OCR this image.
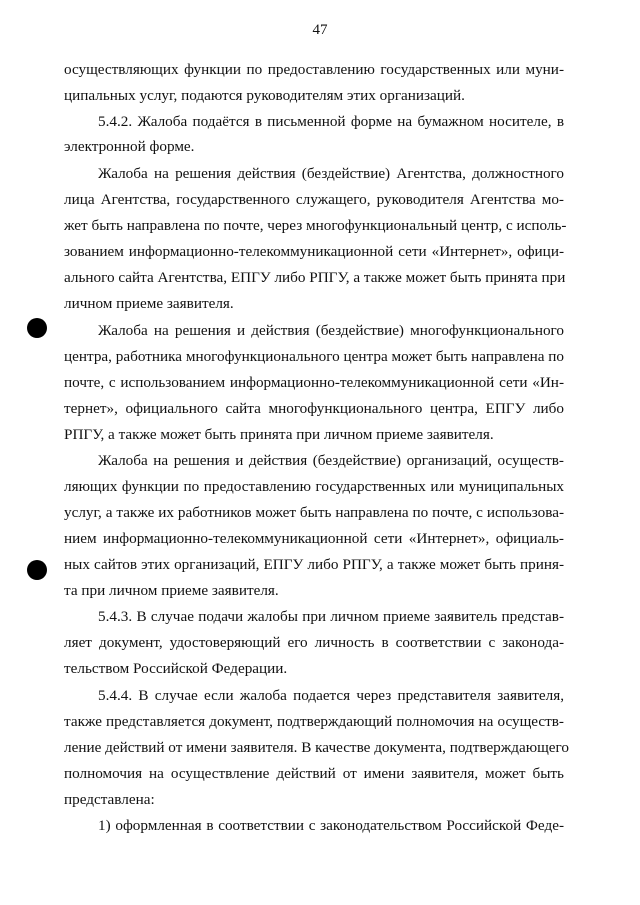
47
осуществляющих функции по предоставлению государственных или муни-
ципальных услуг, подаются руководителям этих организаций.
5.4.2. Жалоба подаётся в письменной форме на бумажном носителе, в
электронной форме.
Жалоба на решения действия (бездействие) Агентства, должностного
лица Агентства, государственного служащего, руководителя Агентства мо-
жет быть направлена по почте, через многофункциональный центр, с исполь-
зованием информационно-телекоммуникационной сети «Интернет», офици-
ального сайта Агентства, ЕПГУ либо РПГУ, а также может быть принята при
личном приеме заявителя.
Жалоба на решения и действия (бездействие) многофункционального
центра, работника многофункционального центра может быть направлена по
почте, с использованием информационно-телекоммуникационной сети «Ин-
тернет», официального сайта многофункционального центра, ЕПГУ либо
РПГУ, а также может быть принята при личном приеме заявителя.
Жалоба на решения и действия (бездействие) организаций, осуществ-
ляющих функции по предоставлению государственных или муниципальных
услуг, а также их работников может быть направлена по почте, с использова-
нием информационно-телекоммуникационной сети «Интернет», официаль-
ных сайтов этих организаций, ЕПГУ либо РПГУ, а также может быть приня-
та при личном приеме заявителя.
5.4.3. В случае подачи жалобы при личном приеме заявитель представ-
ляет документ, удостоверяющий его личность в соответствии с законода-
тельством Российской Федерации.
5.4.4. В случае если жалоба подается через представителя заявителя,
также представляется документ, подтверждающий полномочия на осуществ-
ление действий от имени заявителя. В качестве документа, подтверждающего
полномочия на осуществление действий от имени заявителя, может быть
представлена:
1) оформленная в соответствии с законодательством Российской Феде-
